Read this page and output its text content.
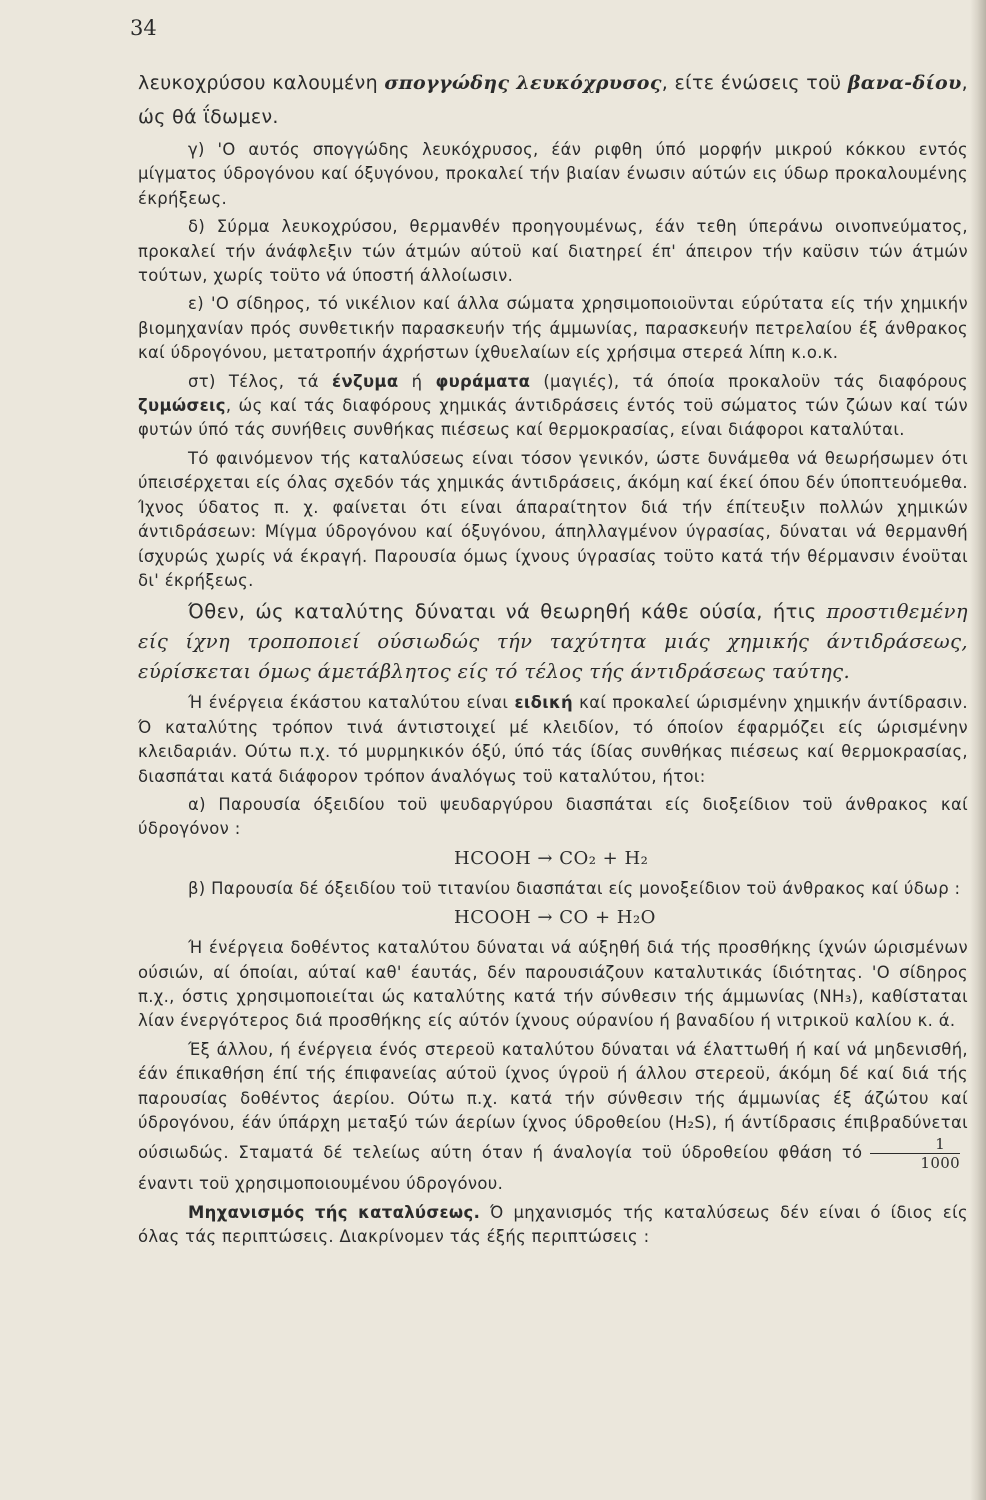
34

λευκοχρύσου καλουμένη σπογγώδης λευκόχρυσος, είτε ένώσεις τοϋ βανα-δίου, ώς θά ΐδωμεν.

γ) 'Ο αυτός σπογγώδης λευκόχρυσος, έάν ριφθη ύπό μορφήν μικρού κόκκου εντός μίγματος ύδρογόνου καί όξυγόνου, προκαλεί τήν βιαίαν ένωσιν αύτών εις ύδωρ προκαλουμένης έκρήξεως.

δ) Σύρμα λευκοχρύσου, θερμανθέν προηγουμένως, έάν τεθη ύπεράνω οινοπνεύματος, προκαλεί τήν άνάφλεξιν τών άτμών αύτοϋ καί διατηρεί έπ' άπειρον τήν καϋσιν τών άτμών τούτων, χωρίς τοϋτο νά ύποστή άλλοίωσιν.

ε) 'Ο σίδηρος, τό νικέλιον καί άλλα σώματα χρησιμοποιοϋνται εύρύτατα είς τήν χημικήν βιομηχανίαν πρός συνθετικήν παρασκευήν τής άμμωνίας, παρασκευήν πετρελαίου έξ άνθρακος καί ύδρογόνου, μετατροπήν άχρήστων ίχθυελαίων είς χρήσιμα στερεά λίπη κ.ο.κ.

στ) Τέλος, τά ένζυμα ή φυράματα (μαγιές), τά όποία προκαλοϋν τάς διαφόρους ζυμώσεις, ώς καί τάς διαφόρους χημικάς άντιδράσεις έντός τοϋ σώματος τών ζώων καί τών φυτών ύπό τάς συνήθεις συνθήκας πιέσεως καί θερμοκρασίας, είναι διάφοροι καταλύται.

Τό φαινόμενον τής καταλύσεως είναι τόσον γενικόν, ώστε δυνάμεθα νά θεωρήσωμεν ότι ύπεισέρχεται είς όλας σχεδόν τάς χημικάς άντιδράσεις, άκόμη καί έκεί όπου δέν ύποπτευόμεθα. Ίχνος ύδατος π. χ. φαίνεται ότι είναι άπαραίτητον διά τήν έπίτευξιν πολλών χημικών άντιδράσεων: Μίγμα ύδρογόνου καί όξυγόνου, άπηλλαγμένον ύγρασίας, δύναται νά θερμανθή ίσχυρώς χωρίς νά έκραγή. Παρουσία όμως ίχνους ύγρασίας τοϋτο κατά τήν θέρμανσιν ένοϋται δι' έκρήξεως.

Όθεν, ώς καταλύτης δύναται νά θεωρηθή κάθε ούσία, ήτις προστιθεμένη είς ίχνη τροποποιεί ούσιωδώς τήν ταχύτητα μιάς χημικής άντιδράσεως, εύρίσκεται όμως άμετάβλητος είς τό τέλος τής άντιδράσεως ταύτης.

Ή ένέργεια έκάστου καταλύτου είναι ειδική καί προκαλεί ώρισμένην χημικήν άντίδρασιν. Ό καταλύτης τρόπον τινά άντιστοιχεί μέ κλειδίον, τό όποίον έφαρμόζει είς ώρισμένην κλειδαριάν. Ούτω π.χ. τό μυρμηκικόν όξύ, ύπό τάς ίδίας συνθήκας πιέσεως καί θερμοκρασίας, διασπάται κατά διάφορον τρόπον άναλόγως τοϋ καταλύτου, ήτοι:

α) Παρουσία όξειδίου τοϋ ψευδαργύρου διασπάται είς διοξείδιον τοϋ άνθρακος καί ύδρογόνον :

HCOOH → CO₂ + H₂

β) Παρουσία δέ όξειδίου τοϋ τιτανίου διασπάται είς μονοξείδιον τοϋ άνθρακος καί ύδωρ :

HCOOH → CO + H₂O

Ή ένέργεια δοθέντος καταλύτου δύναται νά αύξηθή διά τής προσθήκης ίχνών ώρισμένων ούσιών, αί όποίαι, αύταί καθ' έαυτάς, δέν παρουσιάζουν καταλυτικάς ίδιότητας. 'Ο σίδηρος π.χ., όστις χρησιμοποιείται ώς καταλύτης κατά τήν σύνθεσιν τής άμμωνίας (NH₃), καθίσταται λίαν ένεργότερος διά προσθήκης είς αύτόν ίχνους ούρανίου ή βαναδίου ή νιτρικοϋ καλίου κ. ά.

Έξ άλλου, ή ένέργεια ένός στερεοϋ καταλύτου δύναται νά έλαττωθή ή καί νά μηδενισθή, έάν έπικαθήση έπί τής έπιφανείας αύτοϋ ίχνος ύγροϋ ή άλλου στερεοϋ, άκόμη δέ καί διά τής παρουσίας δοθέντος άερίου. Ούτω π.χ. κατά τήν σύνθεσιν τής άμμωνίας έξ άζώτου καί ύδρογόνου, έάν ύπάρχη μεταξύ τών άερίων ίχνος ύδροθείου (H₂S), ή άντίδρασις έπιβραδύνεται ούσιωδώς. Σταματά δέ τελείως αύτη όταν ή άναλογία τοϋ ύδροθείου φθάση τό $\frac{1}{1000}$
έναντι τοϋ χρησιμοποιουμένου ύδρογόνου.

Μηχανισμός τής καταλύσεως. Ό μηχανισμός τής καταλύσεως δέν είναι ό ίδιος είς όλας τάς περιπτώσεις. Διακρίνομεν τάς έξής περιπτώσεις :
